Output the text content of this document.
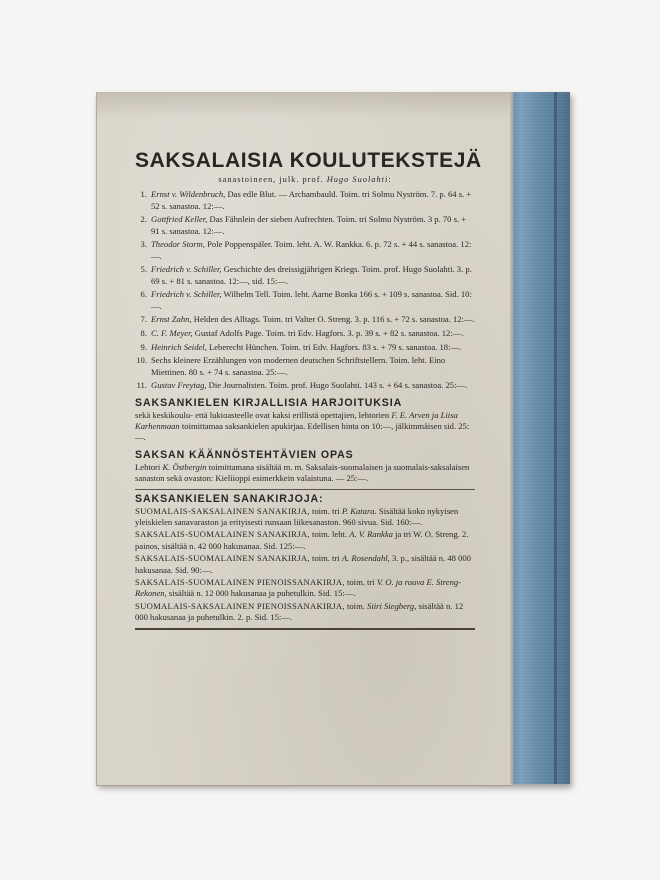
SAKSALAISIA KOULUTEKSTEJÄ
sanastoineen, julk. prof. Hugo Suolahti:
1. Ernst v. Wildenbruch, Das edle Blut. — Archambauld. Toim. tri Solmu Nyström. 7. p. 64 s. + 52 s. sanastoa. 12:—.
2. Gottfried Keller, Das Fähnlein der sieben Aufrechten. Toim. tri Solmu Nyström. 3 p. 70 s. + 91 s. sanastoa. 12:—.
3. Theodor Storm, Pole Poppenspäler. Toim. leht. A. W. Rankka. 6. p. 72 s. + 44 s. sanastoa. 12:—.
5. Friedrich v. Schiller, Geschichte des dreissigjährigen Kriegs. Toim. prof. Hugo Suolahti. 3. p. 69 s. + 81 s. sanastoa. 12:—, sid. 15:—.
6. Friedrich v. Schiller, Wilhelm Tell. Toim. leht. Aarne Bonka 166 s. + 109 s. sanastoa. Sid. 10:—.
7. Ernst Zahn, Helden des Alltags. Toim. tri Valter O. Streng. 3. p. 116 s. + 72 s. sanastoa. 12:—.
8. C. F. Meyer, Gustaf Adolfs Page. Toim. tri Edv. Hagfors. 3. p. 39 s. + 82 s. sanastoa. 12:—.
9. Heinrich Seidel, Leberecht Hünchen. Toim. tri Edv. Hagfors. 83 s. + 79 s. sanastoa. 18:—.
10. Sechs kleinere Erzählungen von modernen deutschen Schriftstellern. Toim. leht. Eino Miettinen. 80 s. + 74 s. sanastoa. 25:—.
11. Gustav Freytag, Die Journalisten. Toim. prof. Hugo Suolahti. 143 s. + 64 s. sanastoa. 25:—.
SAKSANKIELEN KIRJALLISIA HARJOITUKSIA
sekä keskikoulu- että lukioasteelle ovat kaksi erillistä opettajien, lehtorien F. E. Arven ja Liisa Karhenmaan toimittamaa saksankielen apukirjaa. Edellisen hinta on 10:—, jälkimmäisen sid. 25:—.
SAKSAN KÄÄNNÖSTEHTÄVIEN OPAS
Lehtori K. Östbergin toimittamana sisältää m. m. Saksalais-suomalaisen ja suomalais-saksalaisen sanaston sekä ovaston: Kieliioppi esimerkkein valaistuna. — 25:—.
SAKSANKIELEN SANAKIRJOJA:
SUOMALAIS-SAKSALAINEN SANAKIRJA, toim. tri P. Katara. Sisältää koko nykyisen yleiskielen sanavaraston ja erityisesti runsaan liikesanaston. 960 sivua. Sid. 160:—.
SAKSALAIS-SUOMALAINEN SANAKIRJA, toim. leht. A. V. Rankka ja tri W. O. Streng. 2. painos, sisältää n. 42 000 hakusanaa. Sid. 125:—.
SAKSALAIS-SUOMALAINEN SANAKIRJA, toim. tri A. Rosendahl, 3. p., sisältää n. 48 000 hakusanaa. Sid. 90:—.
SAKSALAIS-SUOMALAINEN PIENOISSANAKIRJA, toim. tri V. O. ja rouva E. Streng-Rekonen, sisältää n. 12 000 hakusanaa ja puhetulkin. Sid. 15:—.
SUOMALAIS-SAKSALAINEN PIENOISSANAKIRJA, toim. Siiri Siegberg, sisältää n. 12 000 hakusanaa ja puhetulkin. 2. p. Sid. 15:—.
